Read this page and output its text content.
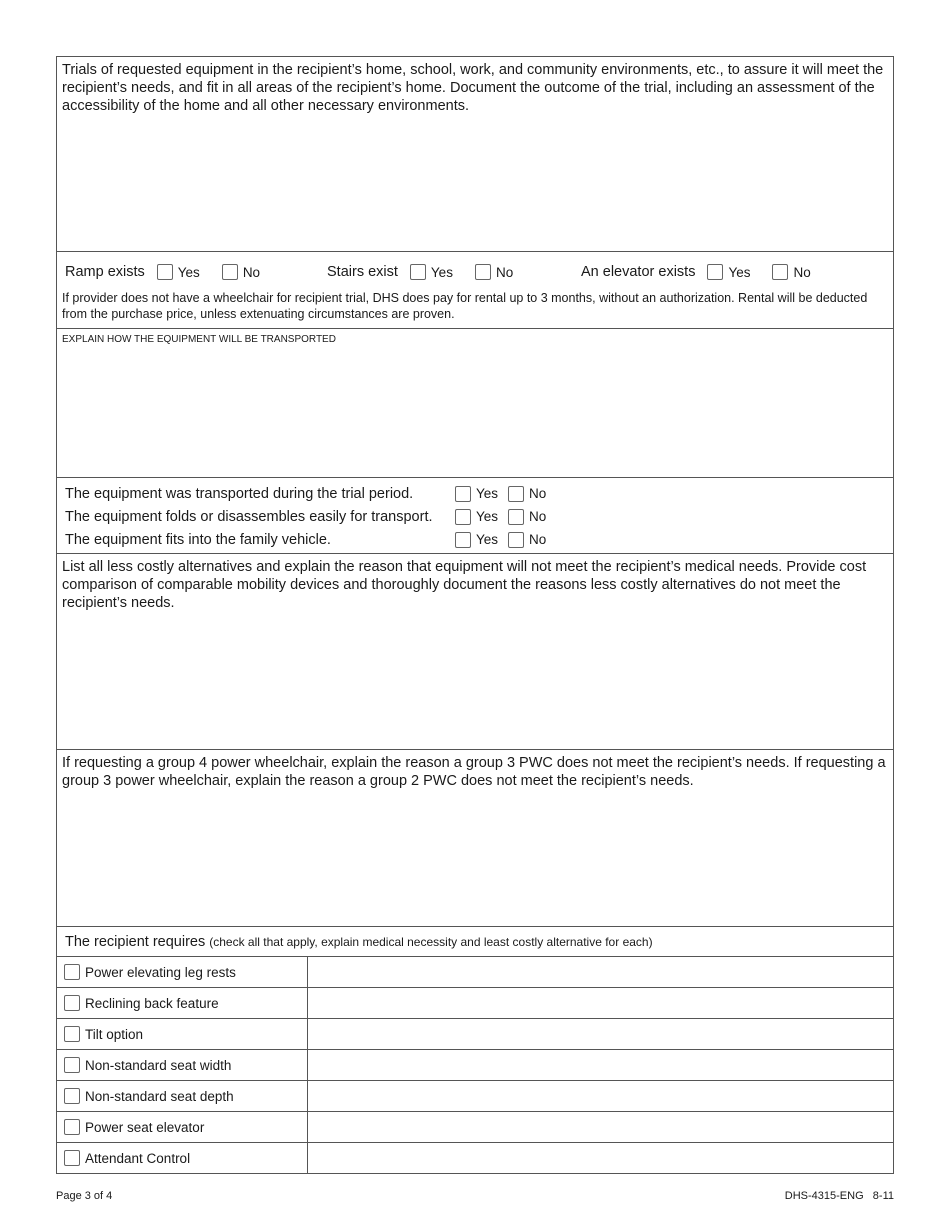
Trials of requested equipment in the recipient’s home, school, work, and community environments, etc., to assure it will meet the recipient’s needs, and fit in all areas of the recipient’s home. Document the outcome of the trial, including an assessment of the accessibility of the home and all other necessary environments.
Ramp exists Yes	No	Stairs exist Yes	No	An elevator exists Yes	No
If provider does not have a wheelchair for recipient trial, DHS does pay for rental up to 3 months, without an authorization. Rental will be deducted from the purchase price, unless extenuating circumstances are proven.
EXPLAIN HOW THE EQUIPMENT WILL BE TRANSPORTED
The equipment was transported during the trial period.	Yes No
The equipment folds or disassembles easily for transport.	Yes No
The equipment fits into the family vehicle.	Yes No
List all less costly alternatives and explain the reason that equipment will not meet the recipient’s medical needs. Provide cost comparison of comparable mobility devices and thoroughly document the reasons less costly alternatives do not meet the recipient’s needs.
If requesting a group 4 power wheelchair, explain the reason a group 3 PWC does not meet the recipient’s needs. If requesting a group 3 power wheelchair, explain the reason a group 2 PWC does not meet the recipient’s needs.
The recipient requires (check all that apply, explain medical necessity and least costly alternative for each)
Power elevating leg rests
Reclining back feature
Tilt option
Non-standard seat width
Non-standard seat depth
Power seat elevator
Attendant Control
Page 3 of 4	DHS-4315-ENG   8-11
